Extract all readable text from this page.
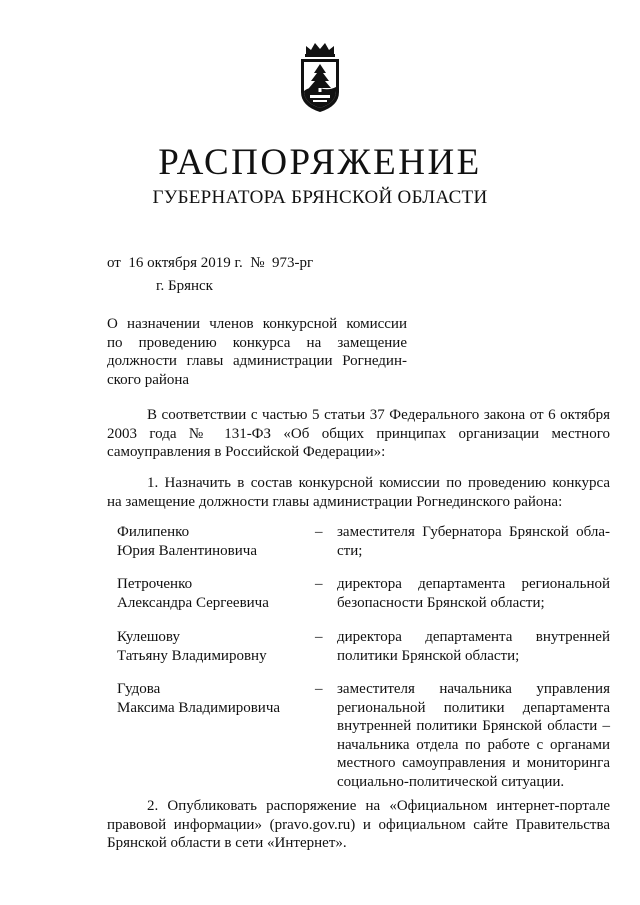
РАСПОРЯЖЕНИЕ
ГУБЕРНАТОРА БРЯНСКОЙ ОБЛАСТИ
от  16 октября 2019 г.  №  973-рг
г. Брянск
О назначении членов конкурсной комиссии
по проведению конкурса на замещение
должности главы администрации Рогнедин-
ского района
В соответствии с частью 5 статьи 37 Федерального закона от 6 октября
2003 года № 131-ФЗ «Об общих принципах организации местного
самоуправления в Российской Федерации»:
1. Назначить в состав конкурсной комиссии по проведению конкурса
на замещение должности главы администрации Рогнединского района:
Филипенко
Юрия Валентиновича
– заместителя Губернатора Брянской обла-
сти;
Петроченко
Александра Сергеевича
– директора департамента региональной
безопасности Брянской области;
Кулешову
Татьяну Владимировну
– директора департамента внутренней
политики Брянской области;
Гудова
Максима Владимировича
– заместителя начальника управления
региональной политики департамента
внутренней политики Брянской области –
начальника отдела по работе с органами
местного самоуправления и мониторинга
социально-политической ситуации.
2. Опубликовать распоряжение на «Официальном интернет-портале
правовой информации» (pravo.gov.ru) и официальном сайте Правительства
Брянской области в сети «Интернет».
